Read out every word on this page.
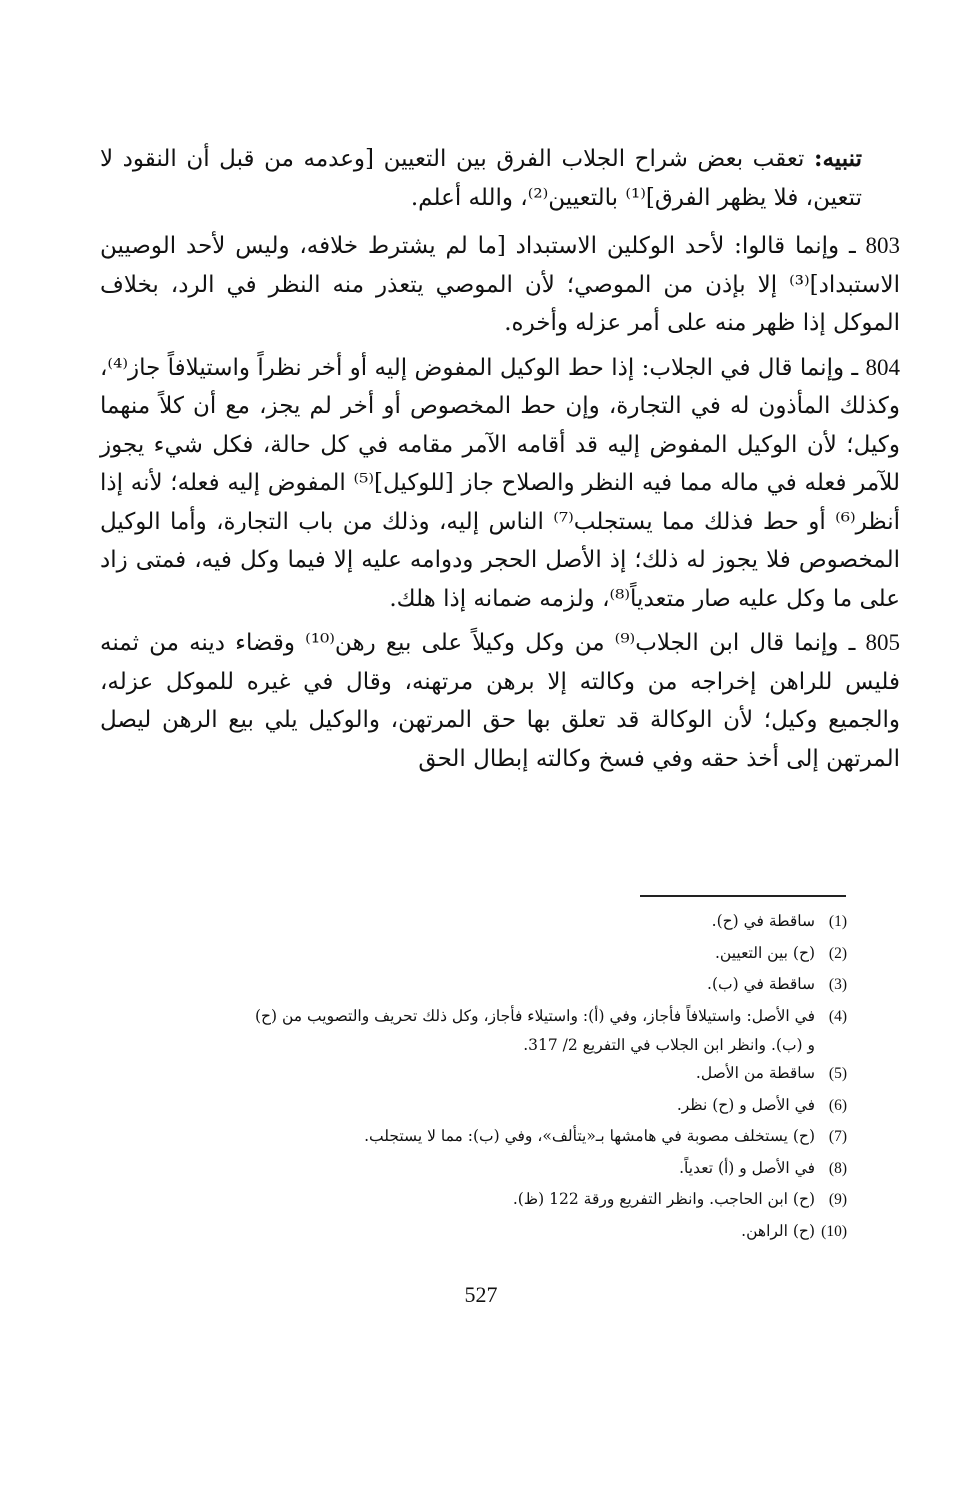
تنبيه: تعقب بعض شراح الجلاب الفرق بين التعيين [وعدمه من قبل أن النقود لا تتعين، فلا يظهر الفرق]⁽¹⁾ بالتعيين⁽²⁾، والله أعلم.

803 ـ وإنما قالوا: لأحد الوكلين الاستبداد [ما لم يشترط خلافه، وليس لأحد الوصيين الاستبداد]⁽³⁾ إلا بإذن من الموصي؛ لأن الموصي يتعذر منه النظر في الرد، بخلاف الموكل إذا ظهر منه على أمر عزله وأخره.

804 ـ وإنما قال في الجلاب: إذا حط الوكيل المفوض إليه أو أخر نظراً واستيلافاً جاز⁽⁴⁾، وكذلك المأذون له في التجارة، وإن حط المخصوص أو أخر لم يجز، مع أن كلاً منهما وكيل؛ لأن الوكيل المفوض إليه قد أقامه الآمر مقامه في كل حالة، فكل شيء يجوز للآمر فعله في ماله مما فيه النظر والصلاح جاز [للوكيل]⁽⁵⁾ المفوض إليه فعله؛ لأنه إذا أنظر⁽⁶⁾ أو حط فذلك مما يستجلب⁽⁷⁾ الناس إليه، وذلك من باب التجارة، وأما الوكيل المخصوص فلا يجوز له ذلك؛ إذ الأصل الحجر ودوامه عليه إلا فيما وكل فيه، فمتى زاد على ما وكل عليه صار متعدياً⁽⁸⁾، ولزمه ضمانه إذا هلك.

805 ـ وإنما قال ابن الجلاب⁽⁹⁾ من وكل وكيلاً على بيع رهن⁽¹⁰⁾ وقضاء دينه من ثمنه فليس للراهن إخراجه من وكالته إلا برهن مرتهنه، وقال في غيره للموكل عزله، والجميع وكيل؛ لأن الوكالة قد تعلق بها حق المرتهن، والوكيل يلي بيع الرهن ليصل المرتهن إلى أخذ حقه وفي فسخ وكالته إبطال الحق

(1)ساقطة في (ح).

(2)(ح) بين التعيين.

(3)ساقطة في (ب).

(4)في الأصل: واستيلافاً فأجاز، وفي (أ): واستيلاء فأجاز، وكل ذلك تحريف والتصويب من (ح)
و (ب). وانظر ابن الجلاب في التفريع 2/ 317.

(5)ساقطة من الأصل.

(6)في الأصل و (ح) نظر.

(7)(ح) يستخلف مصوبة في هامشها بـ«يتألف»، وفي (ب): مما لا يستجلب.

(8)في الأصل و (أ) تعدياً.

(9)(ح) ابن الحاجب. وانظر التفريع ورقة 122 (ظ).

(10)(ح) الراهن.

527
